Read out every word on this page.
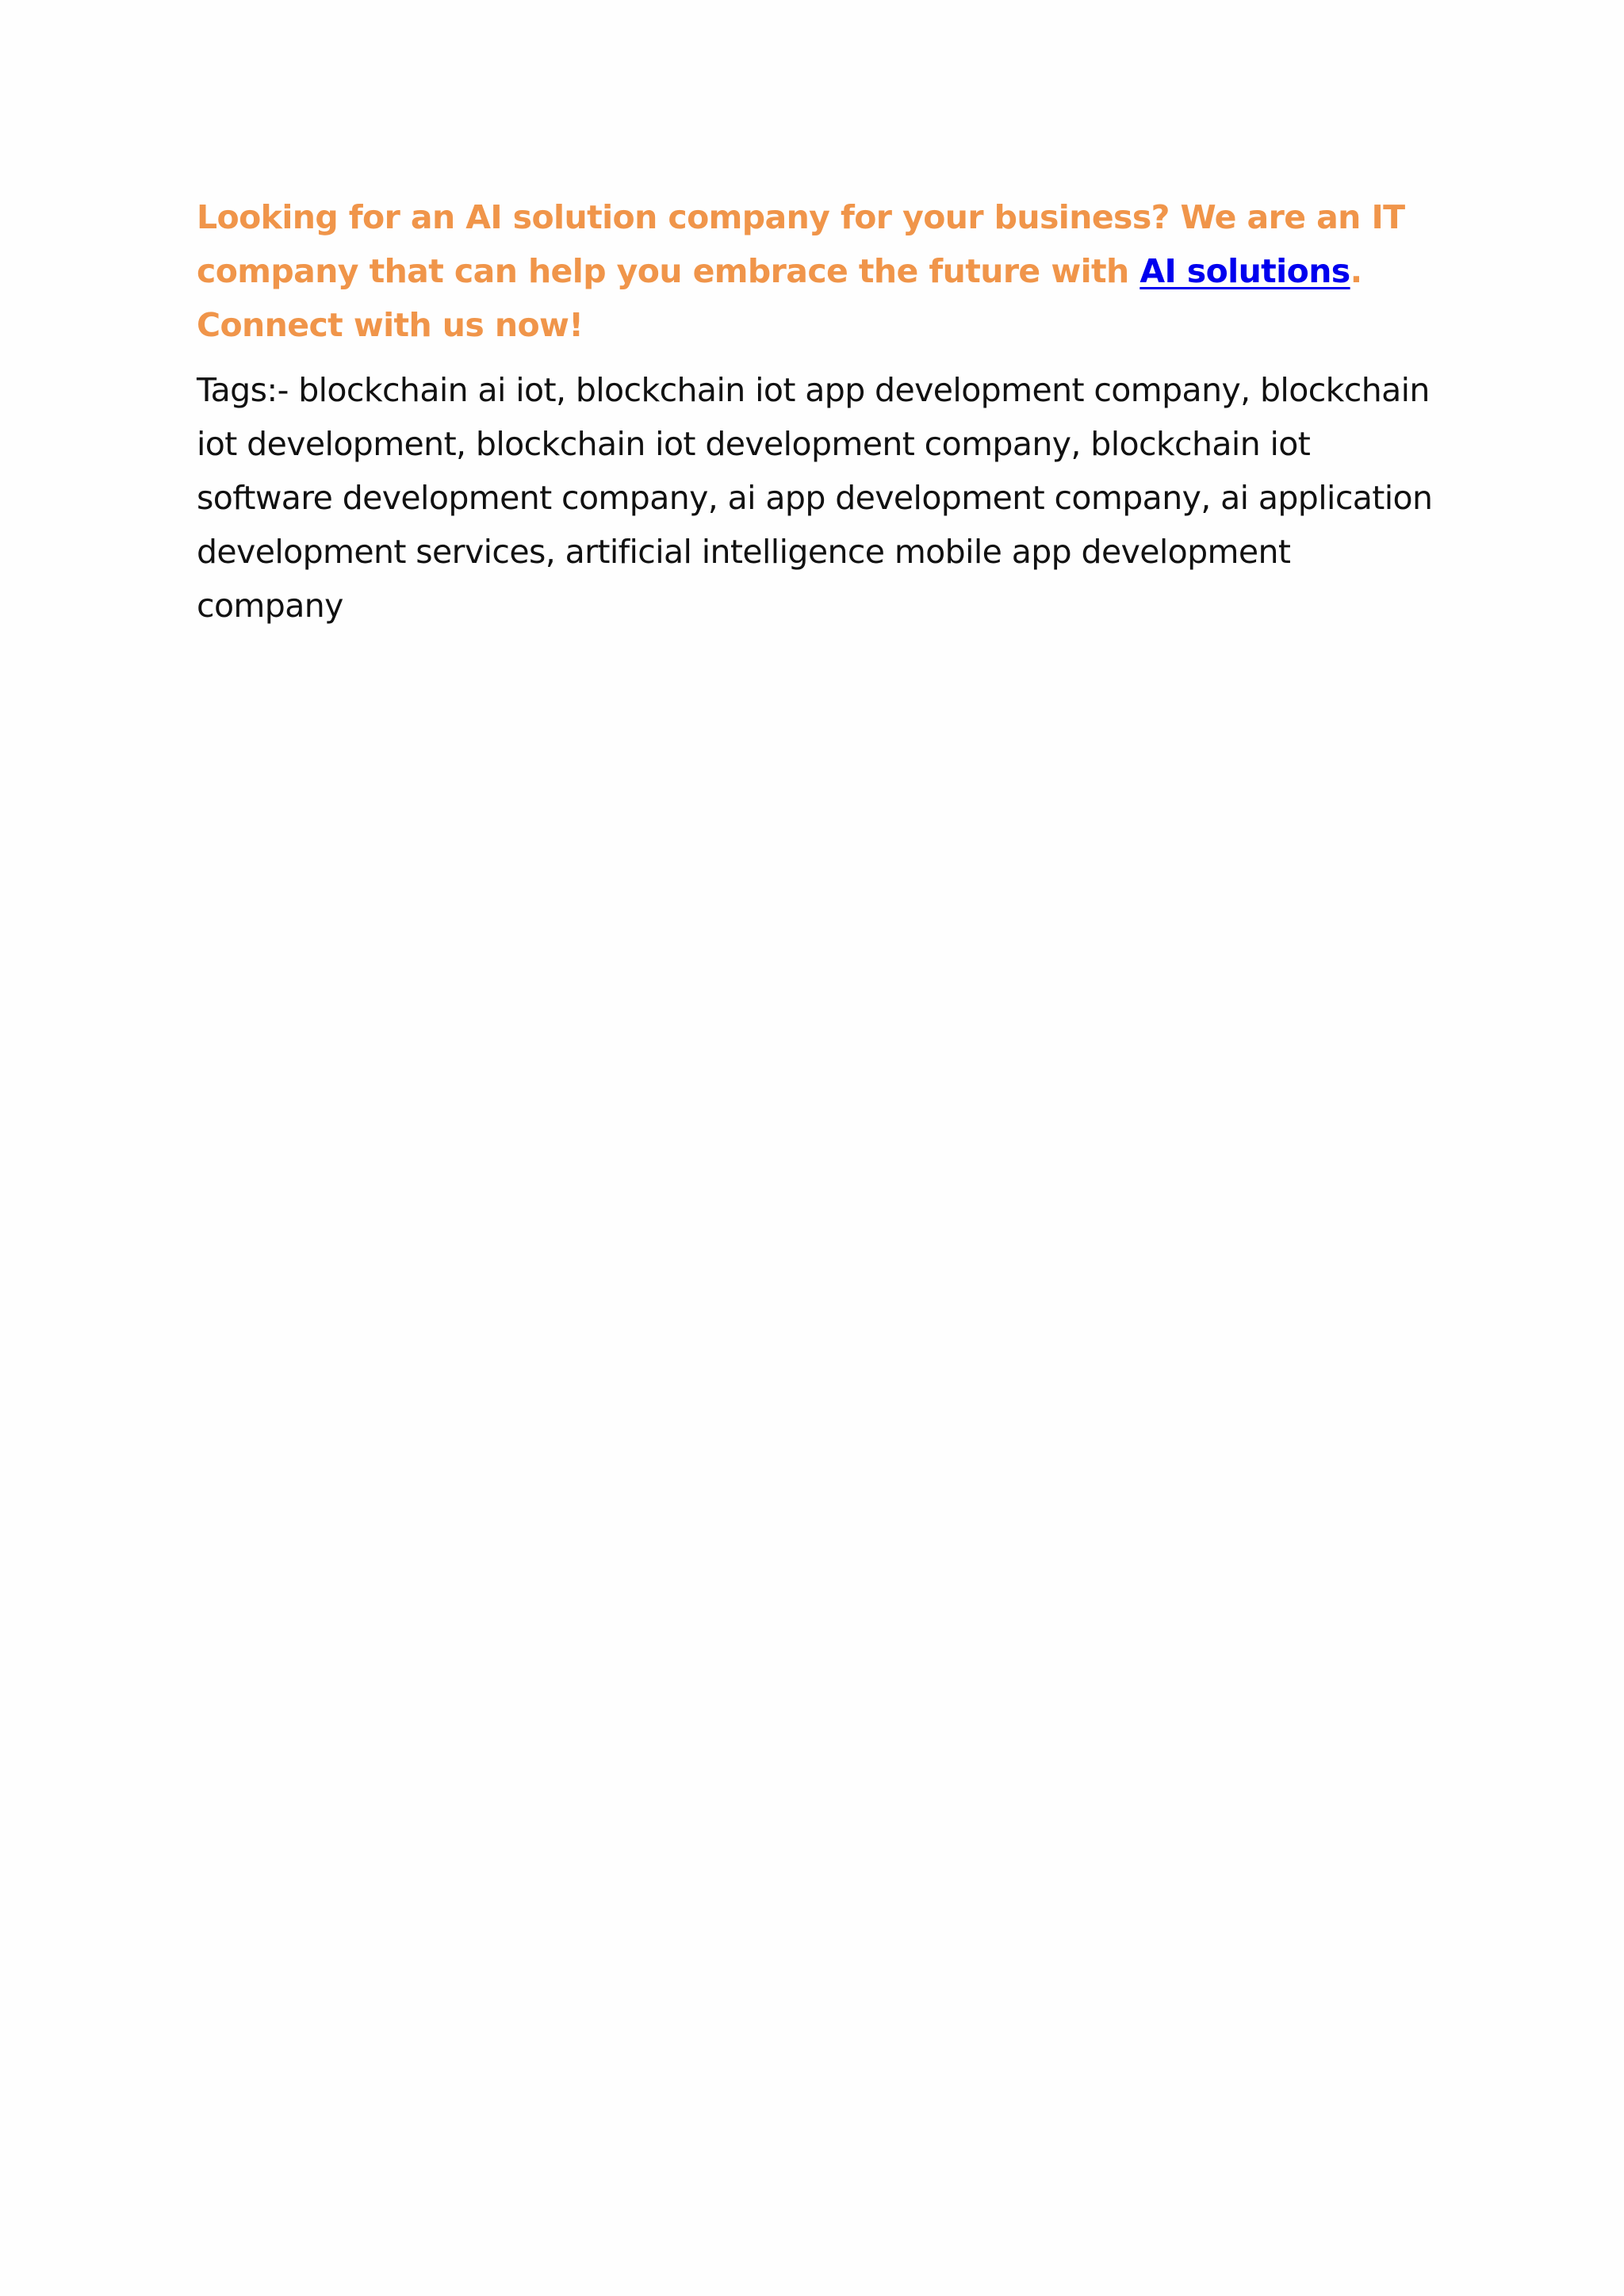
Looking for an AI solution company for your business? We are an IT company that can help you embrace the future with AI solutions. Connect with us now!

Tags:- blockchain ai iot, blockchain iot app development company, blockchain iot development, blockchain iot development company, blockchain iot software development company, ai app development company, ai application development services, artificial intelligence mobile app development company
